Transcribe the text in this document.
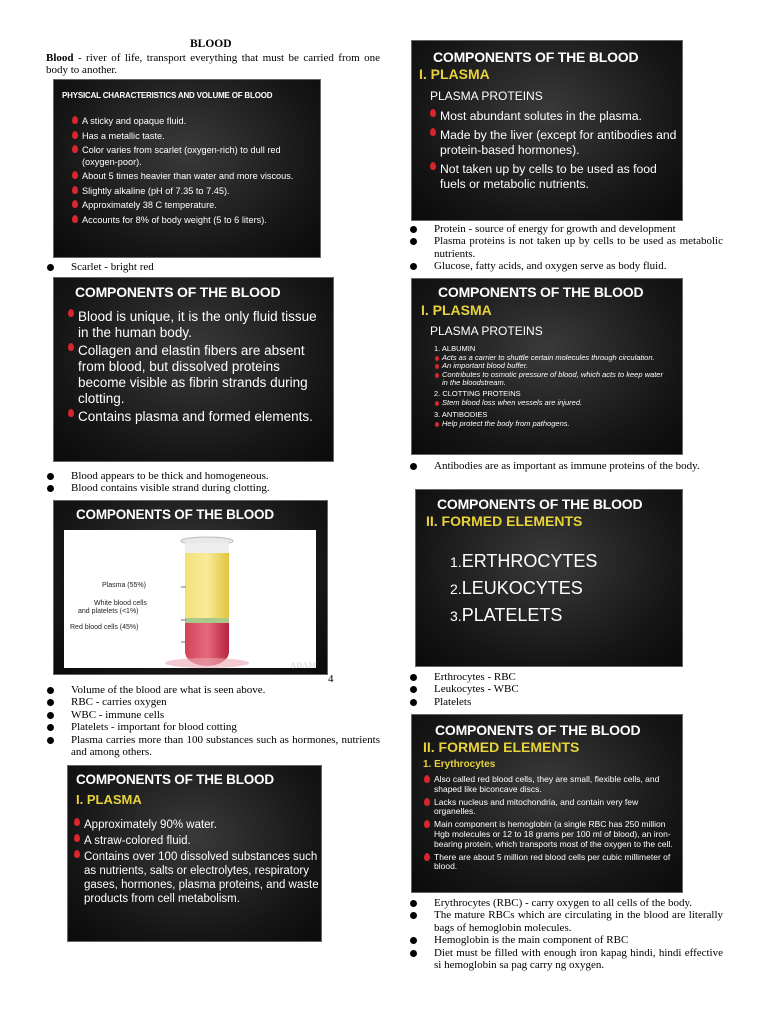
BLOOD
Blood - river of life, transport everything that must be carried from one body to another.
PHYSICAL CHARACTERISTICS AND VOLUME OF BLOOD
A sticky and opaque fluid.
Has a metallic taste.
Color varies from scarlet (oxygen-rich) to dull red (oxygen-poor).
About 5 times heavier than water and more viscous.
Slightly alkaline (pH of 7.35 to 7.45).
Approximately 38 C temperature.
Accounts for 8% of body weight (5 to 6 liters).
Scarlet - bright red
COMPONENTS OF THE BLOOD
Blood is unique, it is the only fluid tissue in the human body.
Collagen and elastin fibers are absent from blood, but dissolved proteins become visible as fibrin strands during clotting.
Contains plasma and formed elements.
Blood appears to be thick and homogeneous.
Blood contains visible strand during clotting.
COMPONENTS OF THE BLOOD
Plasma (55%)
White blood cells
and platelets (<1%)
Red blood cells (45%)
ADAM
4
Volume of the blood are what is seen above.
RBC - carries oxygen
WBC - immune cells
Platelets - important for blood cotting
Plasma carries more than 100 substances such as hormones, nutrients and among others.
COMPONENTS OF THE BLOOD
I. PLASMA
Approximately 90% water.
A straw-colored fluid.
Contains over 100 dissolved substances such as nutrients, salts or electrolytes, respiratory gases, hormones, plasma proteins, and waste products from cell metabolism.
COMPONENTS OF THE BLOOD
I. PLASMA
PLASMA PROTEINS
Most abundant solutes in the plasma.
Made by the liver (except for antibodies and protein-based hormones).
Not taken up by cells to be used as food fuels or metabolic nutrients.
Protein - source of energy for growth and development
Plasma proteins is not taken up by cells to be used as metabolic nutrients.
Glucose, fatty acids, and oxygen serve as body fluid.
COMPONENTS OF THE BLOOD
I. PLASMA
PLASMA PROTEINS
1. ALBUMIN
Acts as a carrier to shuttle certain molecules through circulation.
An important blood buffer.
Contributes to osmotic pressure of blood, which acts to keep water in the bloodstream.
2. CLOTTING PROTEINS
Stem blood loss when vessels are injured.
3. ANTIBODIES
Help protect the body from pathogens.
Antibodies are as important as immune proteins of the body.
COMPONENTS OF THE BLOOD
II. FORMED ELEMENTS
1.ERTHROCYTES
2.LEUKOCYTES
3.PLATELETS
Erthrocytes - RBC
Leukocytes - WBC
Platelets
COMPONENTS OF THE BLOOD
II. FORMED ELEMENTS
1. Erythrocytes
Also called red blood cells, they are small, flexible cells, and shaped like biconcave discs.
Lacks nucleus and mitochondria, and contain very few organelles.
Main component is hemoglobin (a single RBC has 250 million Hgb molecules or 12 to 18 grams per 100 ml of blood), an iron-bearing protein, which transports most of the oxygen to the cell.
There are about 5 million red blood cells per cubic millimeter of blood.
Erythrocytes (RBC) - carry oxygen to all cells of the body.
The mature RBCs which are circulating in the blood are literally bags of hemoglobin molecules.
Hemoglobin is the main component of RBC
Diet must be filled with enough iron kapag hindi, hindi effective si hemoglobin sa pag carry ng oxygen.
